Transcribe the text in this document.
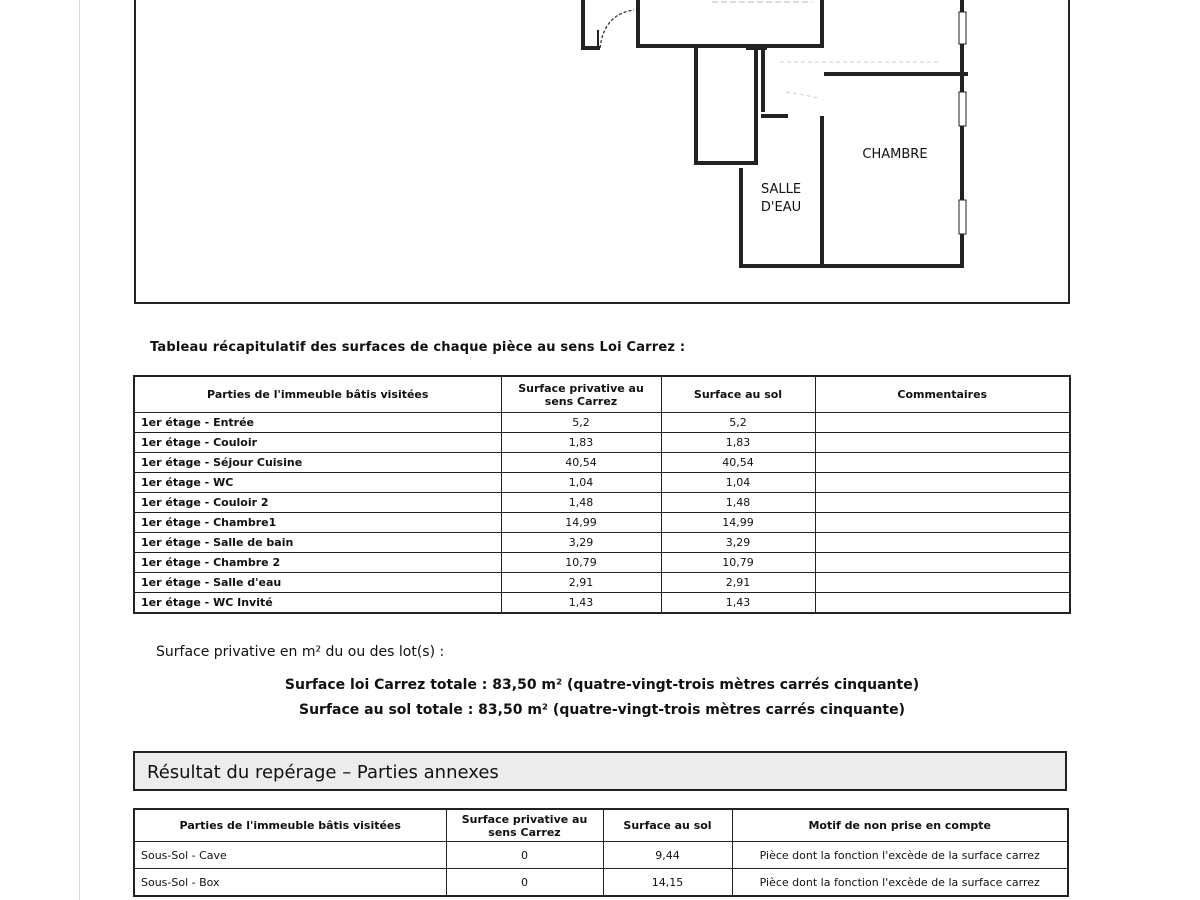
CHAMBRE
SALLE
D'EAU
Tableau récapitulatif des surfaces de chaque pièce au sens Loi Carrez :
Parties de l'immeuble bâtis visitées	Surface privative au sens Carrez	Surface au sol	Commentaires
1er étage - Entrée	5,2	5,2	
1er étage - Couloir	1,83	1,83	
1er étage - Séjour Cuisine	40,54	40,54	
1er étage - WC	1,04	1,04	
1er étage - Couloir 2	1,48	1,48	
1er étage - Chambre1	14,99	14,99	
1er étage - Salle de bain	3,29	3,29	
1er étage - Chambre 2	10,79	10,79	
1er étage - Salle d'eau	2,91	2,91	
1er étage - WC Invité	1,43	1,43	
Surface privative en m² du ou des lot(s) :
Surface loi Carrez totale : 83,50 m² (quatre-vingt-trois mètres carrés cinquante)
Surface au sol totale : 83,50 m² (quatre-vingt-trois mètres carrés cinquante)
Résultat du repérage – Parties annexes
Parties de l'immeuble bâtis visitées	Surface privative au sens Carrez	Surface au sol	Motif de non prise en compte
Sous-Sol - Cave	0	9,44	Pièce dont la fonction l'excède de la surface carrez
Sous-Sol - Box	0	14,15	Pièce dont la fonction l'excède de la surface carrez
